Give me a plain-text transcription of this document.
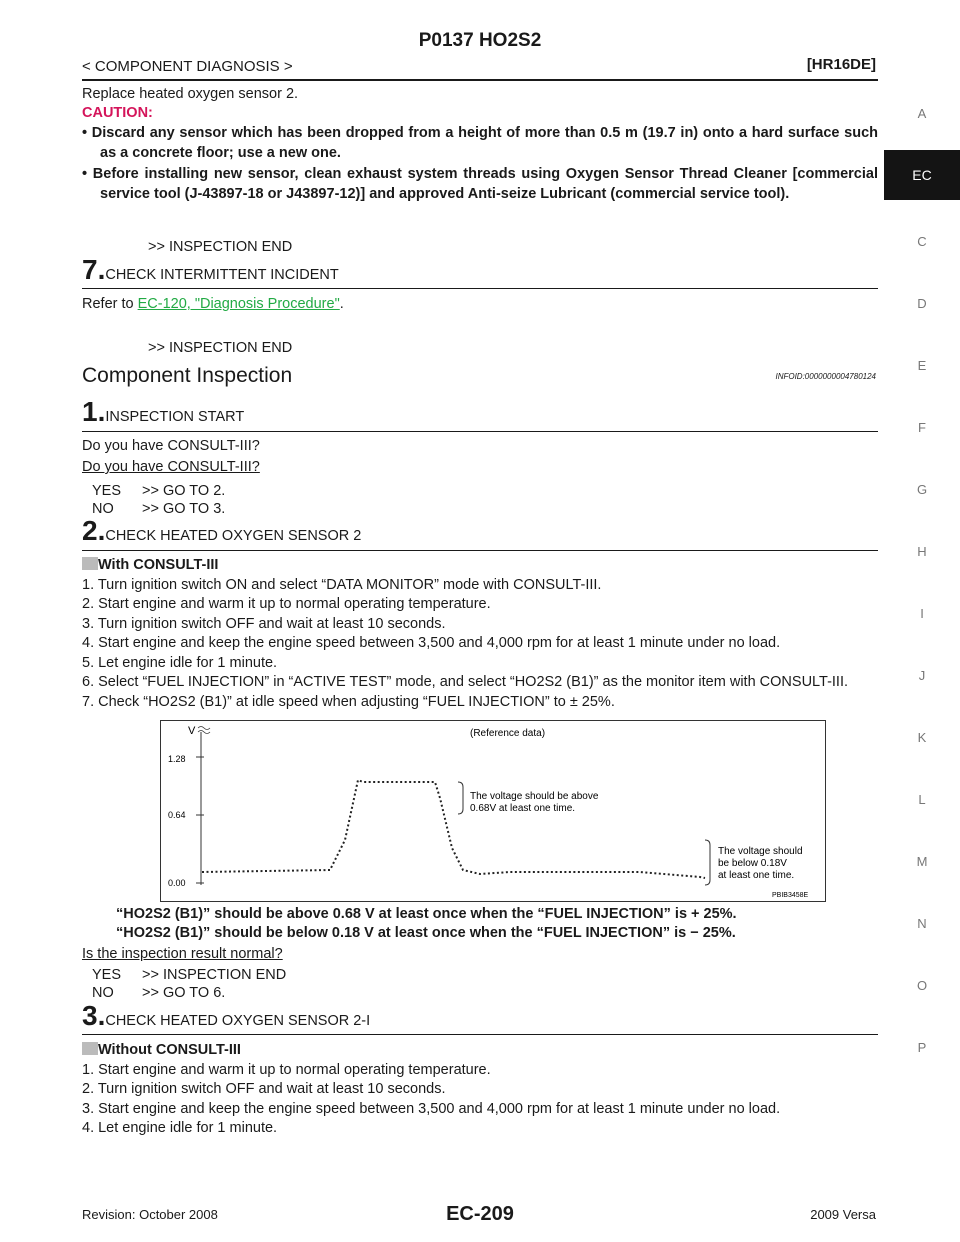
P0137 HO2S2
< COMPONENT DIAGNOSIS >	[HR16DE]
Replace heated oxygen sensor 2.
CAUTION:
• Discard any sensor which has been dropped from a height of more than 0.5 m (19.7 in) onto a hard surface such as a concrete floor; use a new one.
• Before installing new sensor, clean exhaust system threads using Oxygen Sensor Thread Cleaner [commercial service tool (J-43897-18 or J43897-12)] and approved Anti-seize Lubricant (commercial service tool).
>> INSPECTION END
7.CHECK INTERMITTENT INCIDENT
Refer to EC-120, "Diagnosis Procedure".
>> INSPECTION END
Component Inspection	INFOID:0000000004780124
1.INSPECTION START
Do you have CONSULT-III?
Do you have CONSULT-III?
YES >> GO TO 2.
NO >> GO TO 3.
2.CHECK HEATED OXYGEN SENSOR 2
With CONSULT-III
1. Turn ignition switch ON and select “DATA MONITOR” mode with CONSULT-III.
2. Start engine and warm it up to normal operating temperature.
3. Turn ignition switch OFF and wait at least 10 seconds.
4. Start engine and keep the engine speed between 3,500 and 4,000 rpm for at least 1 minute under no load.
5. Let engine idle for 1 minute.
6. Select “FUEL INJECTION” in “ACTIVE TEST” mode, and select “HO2S2 (B1)” as the monitor item with CONSULT-III.
7. Check “HO2S2 (B1)” at idle speed when adjusting “FUEL INJECTION” to ± 25%.
V
1.28
0.64
0.00
(Reference data)
The voltage should be above
0.68V at least one time.
The voltage should
be below 0.18V
at least one time.
PBIB3458E
“HO2S2 (B1)” should be above 0.68 V at least once when the “FUEL INJECTION” is + 25%.
“HO2S2 (B1)” should be below 0.18 V at least once when the “FUEL INJECTION” is − 25%.
Is the inspection result normal?
YES >> INSPECTION END
NO >> GO TO 6.
3.CHECK HEATED OXYGEN SENSOR 2-I
Without CONSULT-III
1. Start engine and warm it up to normal operating temperature.
2. Turn ignition switch OFF and wait at least 10 seconds.
3. Start engine and keep the engine speed between 3,500 and 4,000 rpm for at least 1 minute under no load.
4. Let engine idle for 1 minute.
A
EC
C
D
E
F
G
H
I
J
K
L
M
N
O
P
Revision: October 2008	EC-209	2009 Versa
